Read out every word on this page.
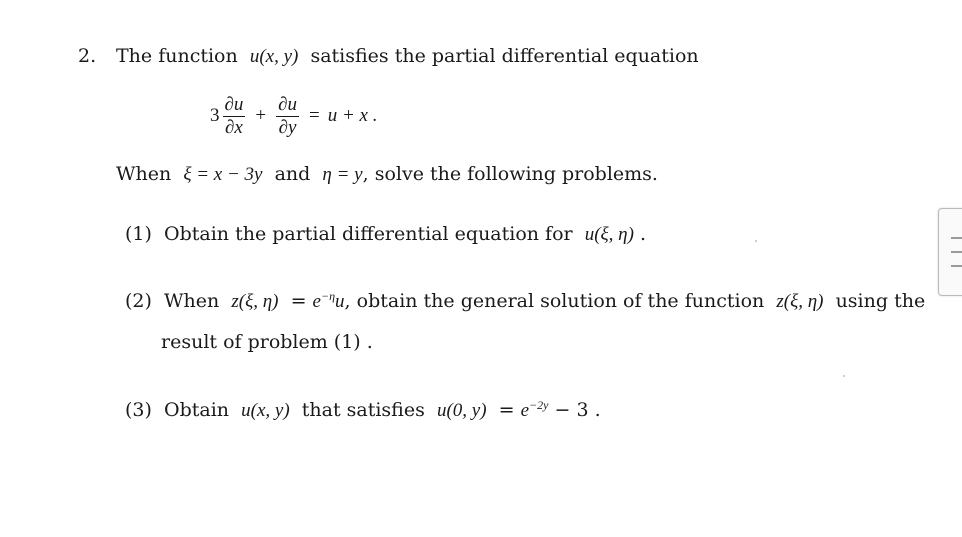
2. The function u(x, y) satisfies the partial differential equation
$3 \frac{\partial u}{\partial x} + \frac{\partial u}{\partial y} = u + x$ .
When ξ = x − 3y and η = y, solve the following problems.
(1) Obtain the partial differential equation for u(ξ, η) .
(2) When z(ξ, $\eta) = e^{-\eta}u$, obtain the general solution of the function z(ξ, η) using the
result of problem (1) .
(3) Obtain u(x, y) that satisfies u(0, $y) = e^{-2y} - 3$ .
